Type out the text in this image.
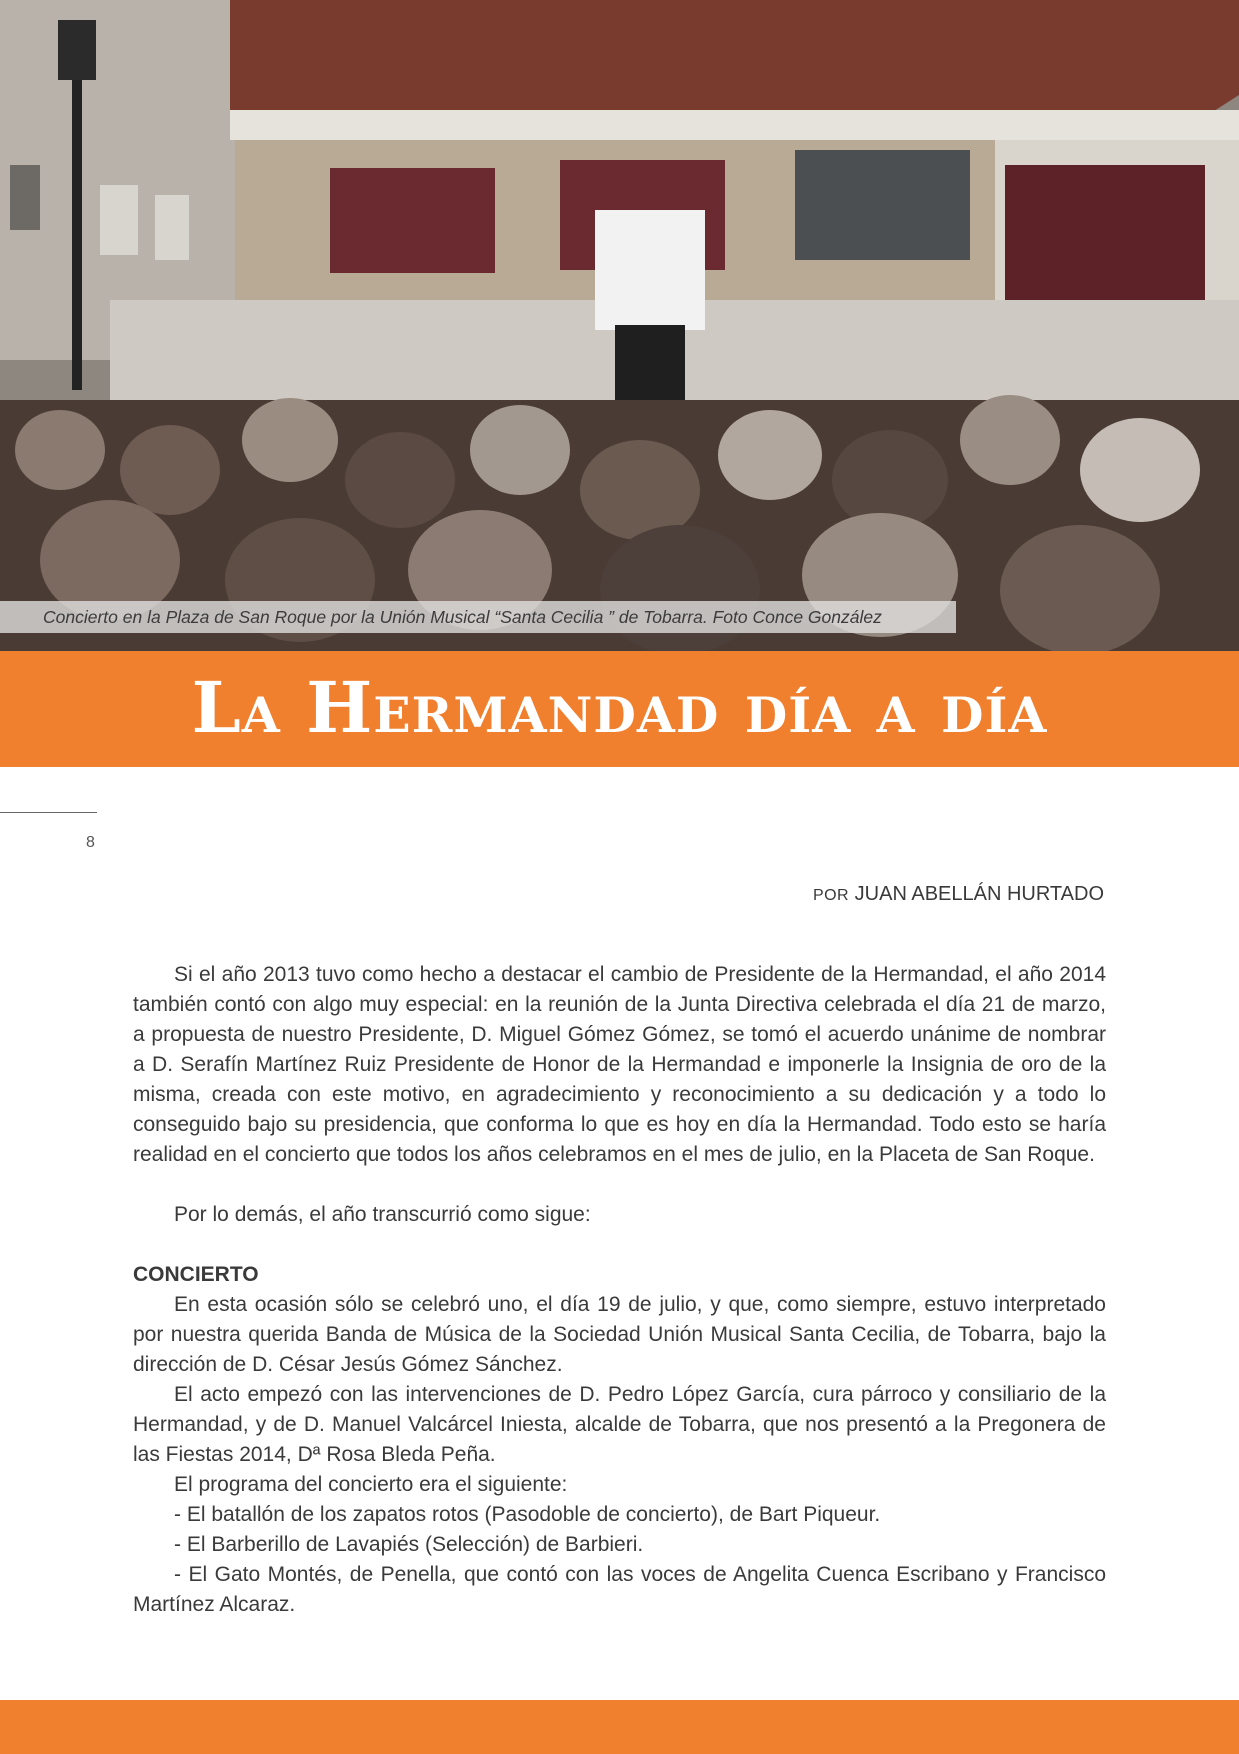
Concierto en la Plaza de San Roque por la Unión Musical “Santa Cecilia ” de Tobarra. Foto Conce González
La Hermandad día a día
8
POR JUAN ABELLÁN HURTADO

Si el año 2013 tuvo como hecho a destacar el cambio de Presidente de la Hermandad, el año 2014 también contó con algo muy especial: en la reunión de la Junta Directiva celebrada el día 21 de marzo, a propuesta de nuestro Presidente, D. Miguel Gómez Gómez, se tomó el acuerdo unánime de nombrar a D. Serafín Martínez Ruiz Presidente de Honor de la Hermandad e imponerle la Insignia de oro de la misma, creada con este motivo, en agradecimiento y reconocimiento a su dedicación y a todo lo conseguido bajo su presidencia, que conforma lo que es hoy en día la Hermandad. Todo esto se haría realidad en el concierto que todos los años celebramos en el mes de julio, en la Placeta de San Roque.

Por lo demás, el año transcurrió como sigue:

CONCIERTO

En esta ocasión sólo se celebró uno, el día 19 de julio, y que, como siempre, estuvo interpretado por nuestra querida Banda de Música de la Sociedad Unión Musical Santa Cecilia, de Tobarra, bajo la dirección de D. César Jesús Gómez Sánchez.

El acto empezó con las intervenciones de D. Pedro López García, cura párroco y consiliario de la Hermandad, y de D. Manuel Valcárcel Iniesta, alcalde de Tobarra, que nos presentó a la Pregonera de las Fiestas 2014, Dª Rosa Bleda Peña.

El programa del concierto era el siguiente:

- El batallón de los zapatos rotos (Pasodoble de concierto), de Bart Piqueur.

- El Barberillo de Lavapiés (Selección) de Barbieri.

- El Gato Montés, de Penella, que contó con las voces de Angelita Cuenca Escribano y Francisco Martínez Alcaraz.
